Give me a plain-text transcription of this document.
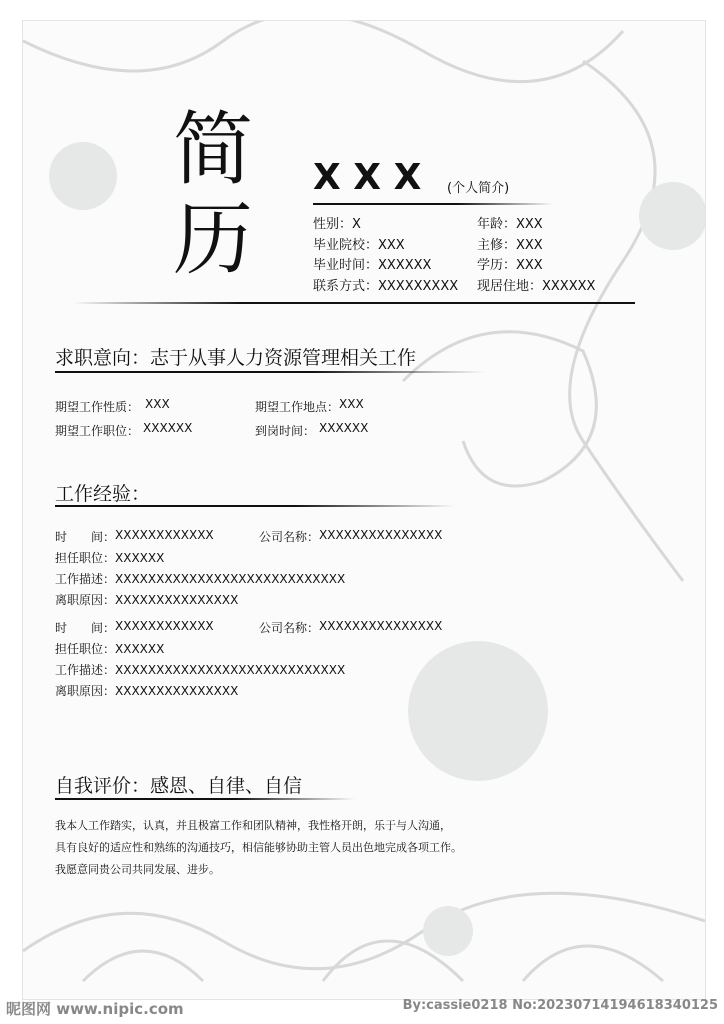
简
历
X X X (个人简介)
性别：X	年龄：XXX
毕业院校：XXX	主修：XXX
毕业时间：XXXXXX	学历：XXX
联系方式：XXXXXXXXX 现居住地：XXXXXX
求职意向：志于从事人力资源管理相关工作
期望工作性质： XXX	期望工作地点： XXX
期望工作职位： XXXXXX	到岗时间： XXXXXX
工作经验：
时　　间： XXXXXXXXXXXX	公司名称： XXXXXXXXXXXXXXX
担任职位：XXXXXX
工作描述：XXXXXXXXXXXXXXXXXXXXXXXXXXXX
离职原因：XXXXXXXXXXXXXXX
时　　间： XXXXXXXXXXXX	公司名称： XXXXXXXXXXXXXXX
担任职位：XXXXXX
工作描述：XXXXXXXXXXXXXXXXXXXXXXXXXXXX
离职原因：XXXXXXXXXXXXXXX
自我评价：感恩、自律、自信
我本人工作踏实，认真，并且极富工作和团队精神，我性格开朗，乐于与人沟通，
具有良好的适应性和熟练的沟通技巧，相信能够协助主管人员出色地完成各项工作。
我愿意同贵公司共同发展、进步。
昵图网 www.nipic.com	By:cassie0218 No:20230714194618340125
